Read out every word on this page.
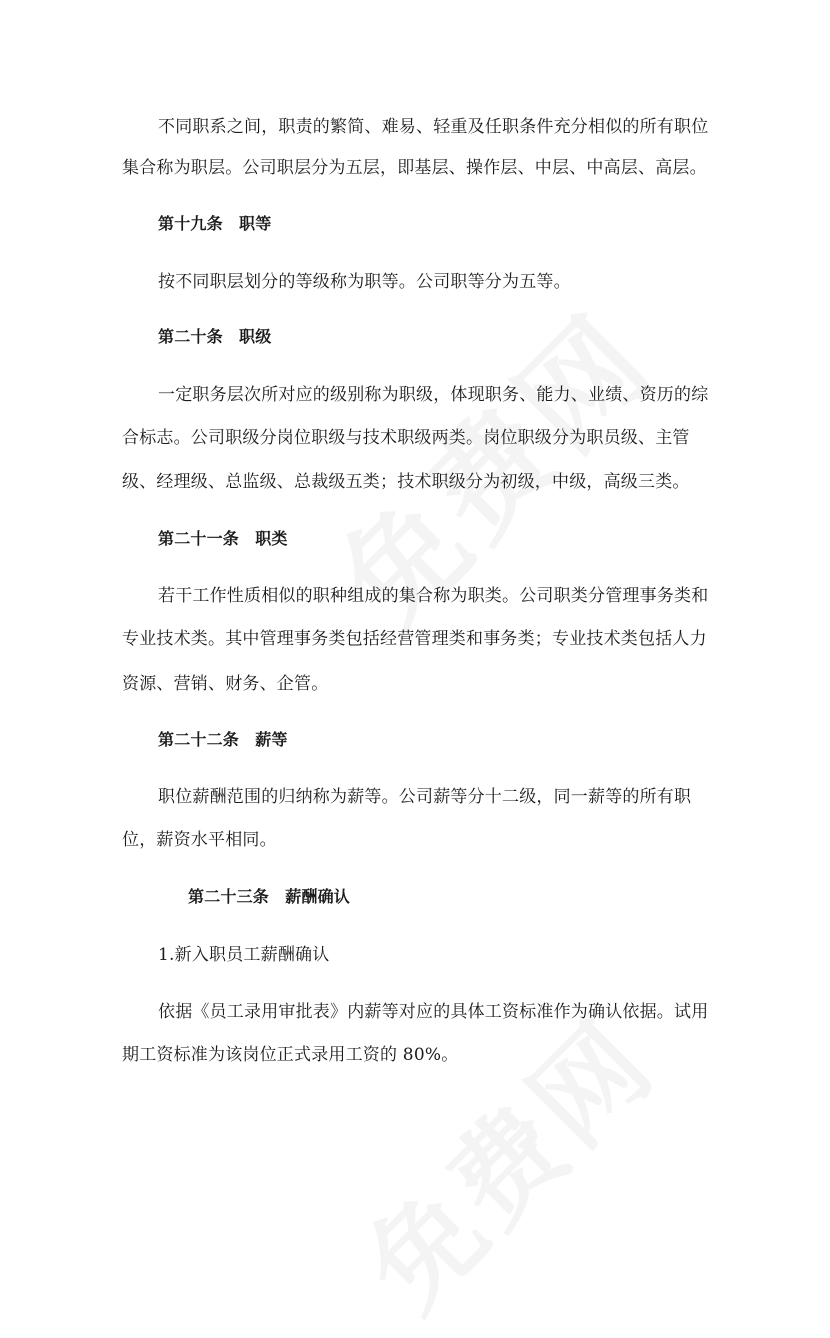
不同职系之间，职责的繁简、难易、轻重及任职条件充分相似的所有职位
集合称为职层。公司职层分为五层，即基层、操作层、中层、中高层、高层。
第十九条　职等
按不同职层划分的等级称为职等。公司职等分为五等。
第二十条　职级
一定职务层次所对应的级别称为职级，体现职务、能力、业绩、资历的综
合标志。公司职级分岗位职级与技术职级两类。岗位职级分为职员级、主管
级、经理级、总监级、总裁级五类；技术职级分为初级，中级，高级三类。
第二十一条　职类
若干工作性质相似的职种组成的集合称为职类。公司职类分管理事务类和
专业技术类。其中管理事务类包括经营管理类和事务类；专业技术类包括人力
资源、营销、财务、企管。
第二十二条　薪等
职位薪酬范围的归纳称为薪等。公司薪等分十二级，同一薪等的所有职
位，薪资水平相同。
第二十三条　薪酬确认
1.新入职员工薪酬确认
依据《员工录用审批表》内薪等对应的具体工资标准作为确认依据。试用
期工资标准为该岗位正式录用工资的 80%。
